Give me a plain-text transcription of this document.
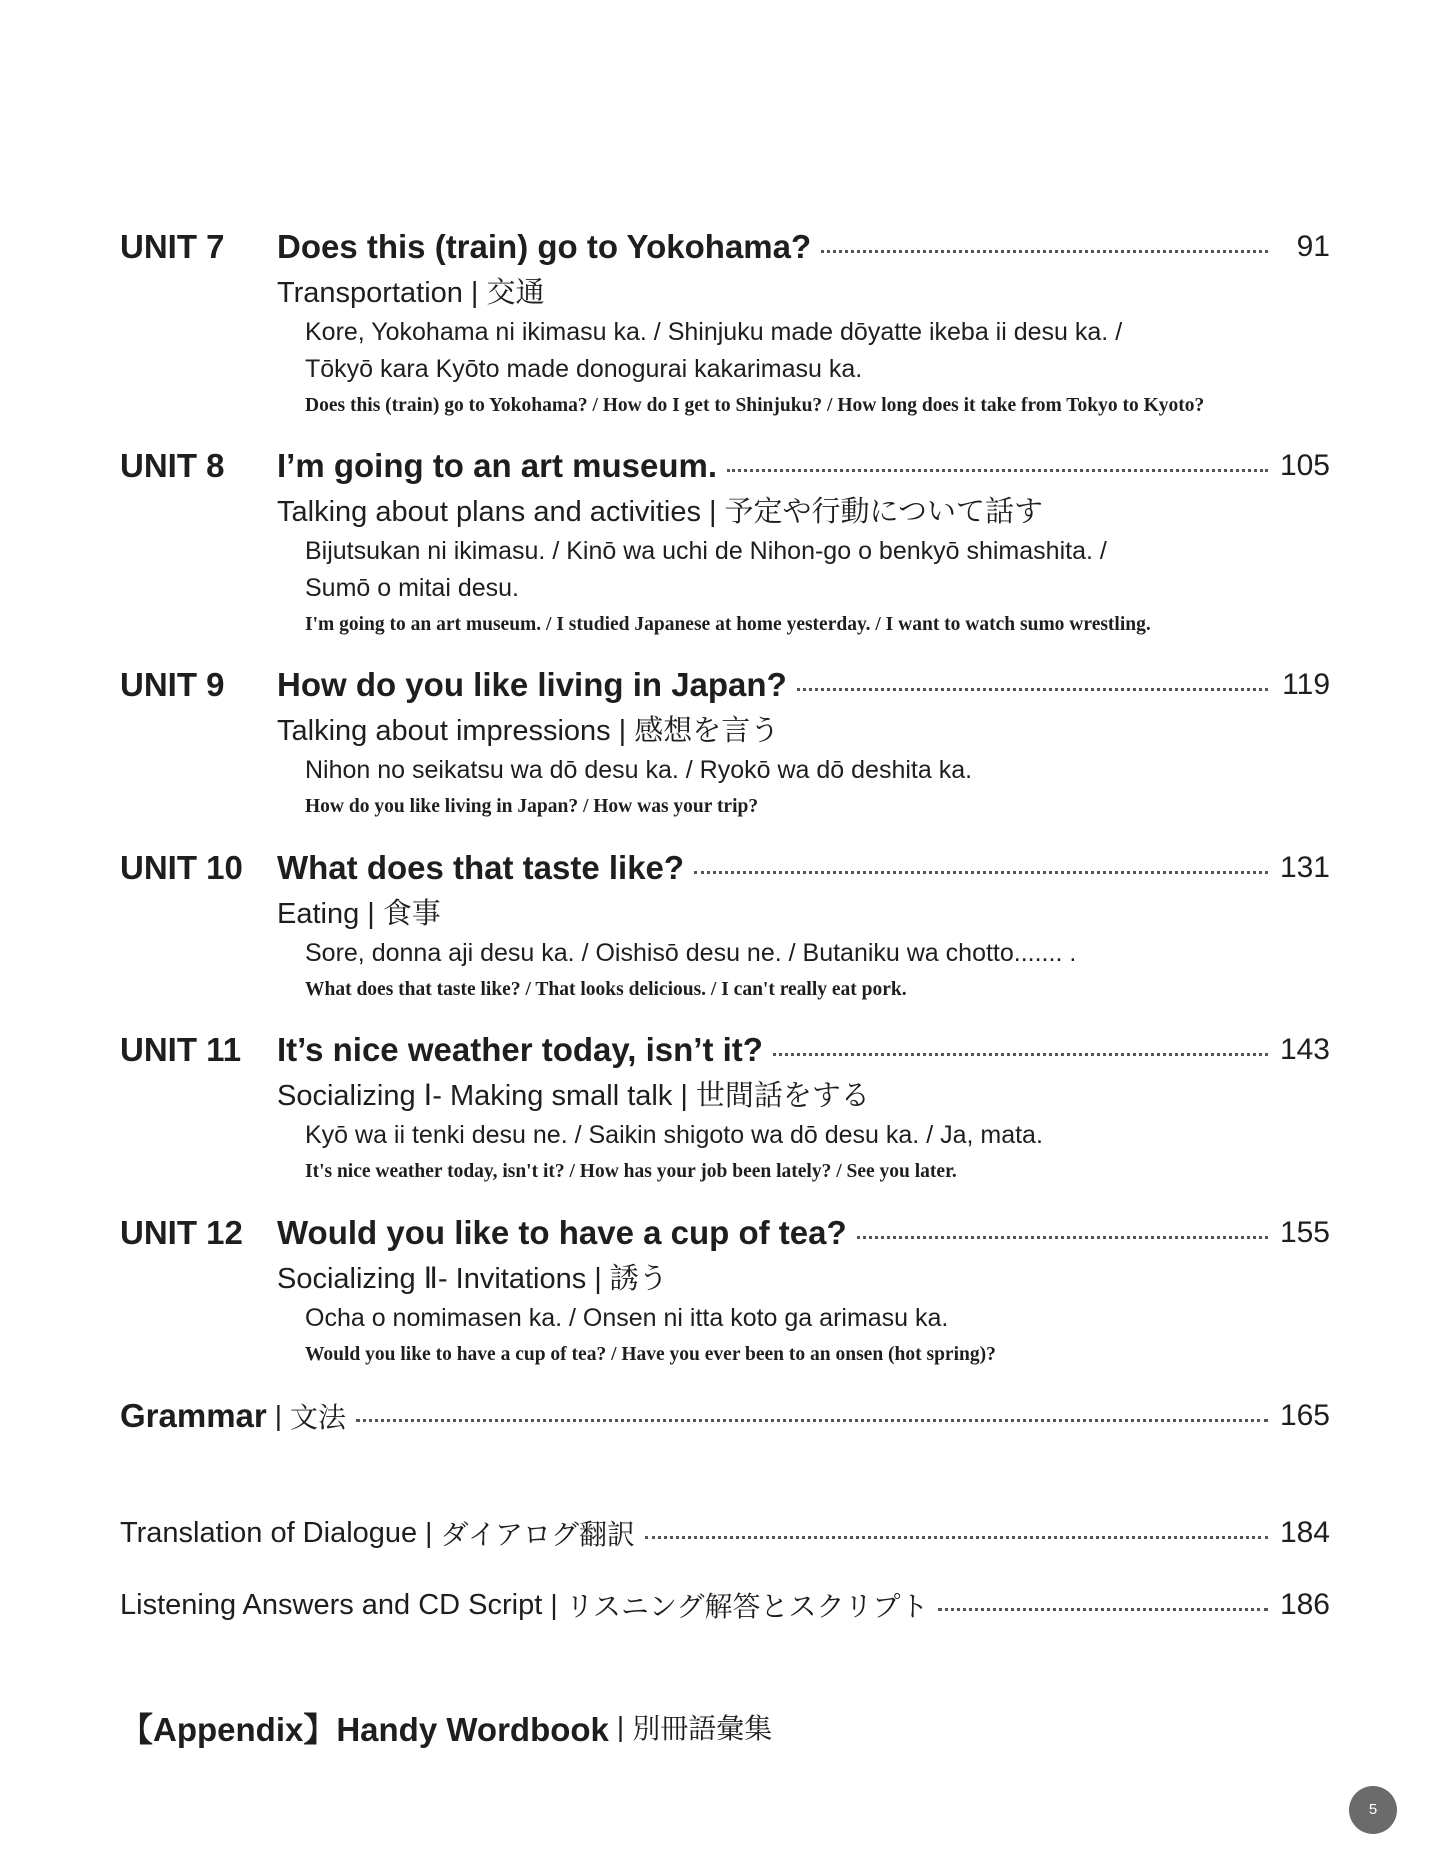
UNIT 7 Does this (train) go to Yokohama?	91
Transportation | 交通
Kore, Yokohama ni ikimasu ka. / Shinjuku made dōyatte ikeba ii desu ka. /
Tōkyō kara Kyōto made donogurai kakarimasu ka.
Does this (train) go to Yokohama? / How do I get to Shinjuku? / How long does it take from Tokyo to Kyoto?
UNIT 8 I’m going to an art museum.	105
Talking about plans and activities | 予定や行動について話す
Bijutsukan ni ikimasu. / Kinō wa uchi de Nihon-go o benkyō shimashita. /
Sumō o mitai desu.
I'm going to an art museum. / I studied Japanese at home yesterday. / I want to watch sumo wrestling.
UNIT 9 How do you like living in Japan?	119
Talking about impressions | 感想を言う
Nihon no seikatsu wa dō desu ka. / Ryokō wa dō deshita ka.
How do you like living in Japan? / How was your trip?
UNIT 10 What does that taste like?	131
Eating | 食事
Sore, donna aji desu ka. / Oishisō desu ne. / Butaniku wa chotto....... .
What does that taste like? / That looks delicious. / I can't really eat pork.
UNIT 11 It’s nice weather today, isn’t it?	143
Socializing Ⅰ- Making small talk | 世間話をする
Kyō wa ii tenki desu ne. / Saikin shigoto wa dō desu ka. / Ja, mata.
It's nice weather today, isn't it? / How has your job been lately? / See you later.
UNIT 12 Would you like to have a cup of tea?	155
Socializing Ⅱ- Invitations | 誘う
Ocha o nomimasen ka. / Onsen ni itta koto ga arimasu ka.
Would you like to have a cup of tea? / Have you ever been to an onsen (hot spring)?
Grammar | 文法	165
Translation of Dialogue | ダイアログ翻訳	184
Listening Answers and CD Script | リスニング解答とスクリプト	186
【Appendix】Handy Wordbook | 別冊語彙集
5
